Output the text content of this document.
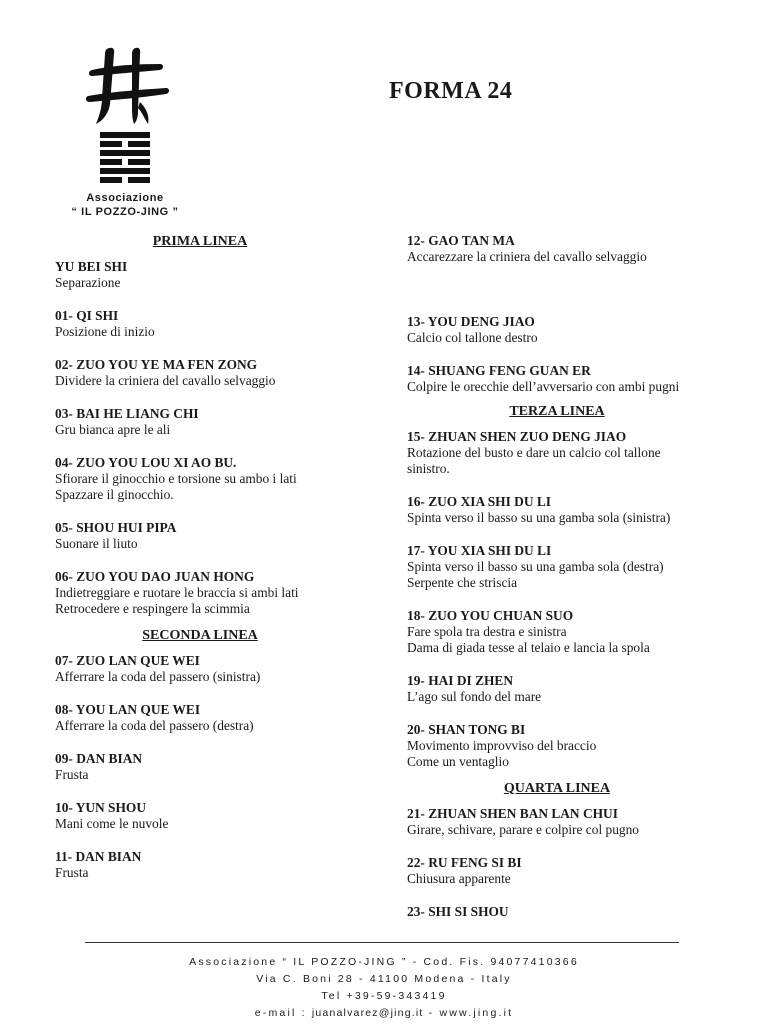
Associazione
“ IL POZZO-JING ”
FORMA 24
PRIMA LINEA
YU BEI SHI
Separazione
01- QI SHI
Posizione di inizio
02- ZUO YOU YE MA FEN ZONG
Dividere la criniera del cavallo selvaggio
03- BAI HE LIANG CHI
Gru bianca apre le ali
04- ZUO YOU LOU XI AO BU.
Sfiorare il ginocchio e torsione su ambo i lati
Spazzare il ginocchio.
05- SHOU HUI PIPA
Suonare il liuto
06- ZUO YOU DAO JUAN HONG
Indietreggiare e ruotare le braccia si ambi lati
Retrocedere e respingere la scimmia
SECONDA LINEA
07- ZUO LAN QUE WEI
Afferrare la coda del passero (sinistra)
08- YOU LAN QUE WEI
Afferrare la coda del passero (destra)
09- DAN BIAN
Frusta
10- YUN SHOU
Mani come le nuvole
11- DAN BIAN
Frusta
12- GAO TAN MA
Accarezzare la criniera del cavallo selvaggio
13- YOU DENG JIAO
Calcio col tallone destro
14- SHUANG FENG GUAN ER
Colpire le orecchie dell’avversario con ambi pugni
TERZA LINEA
15- ZHUAN SHEN ZUO DENG JIAO
Rotazione del busto e dare un calcio col tallone
sinistro.
16- ZUO XIA SHI DU LI
Spinta verso il basso su una gamba sola (sinistra)
17- YOU XIA SHI DU LI
Spinta verso il basso su una gamba sola (destra)
Serpente che striscia
18- ZUO YOU CHUAN SUO
Fare spola tra destra e sinistra
Dama di giada tesse al telaio e lancia la spola
19- HAI DI ZHEN
L’ago sul fondo del mare
20- SHAN TONG BI
Movimento improvviso del braccio
Come un ventaglio
QUARTA LINEA
21- ZHUAN SHEN BAN LAN CHUI
Girare, schivare, parare e colpire col pugno
22- RU FENG SI BI
Chiusura apparente
23- SHI SI SHOU
Associazione “ IL POZZO-JING ” - Cod. Fis. 94077410366
Via C. Boni 28 - 41100 Modena - Italy
Tel +39-59-343419
e-mail : juanalvarez@jing.it - www.jing.it
